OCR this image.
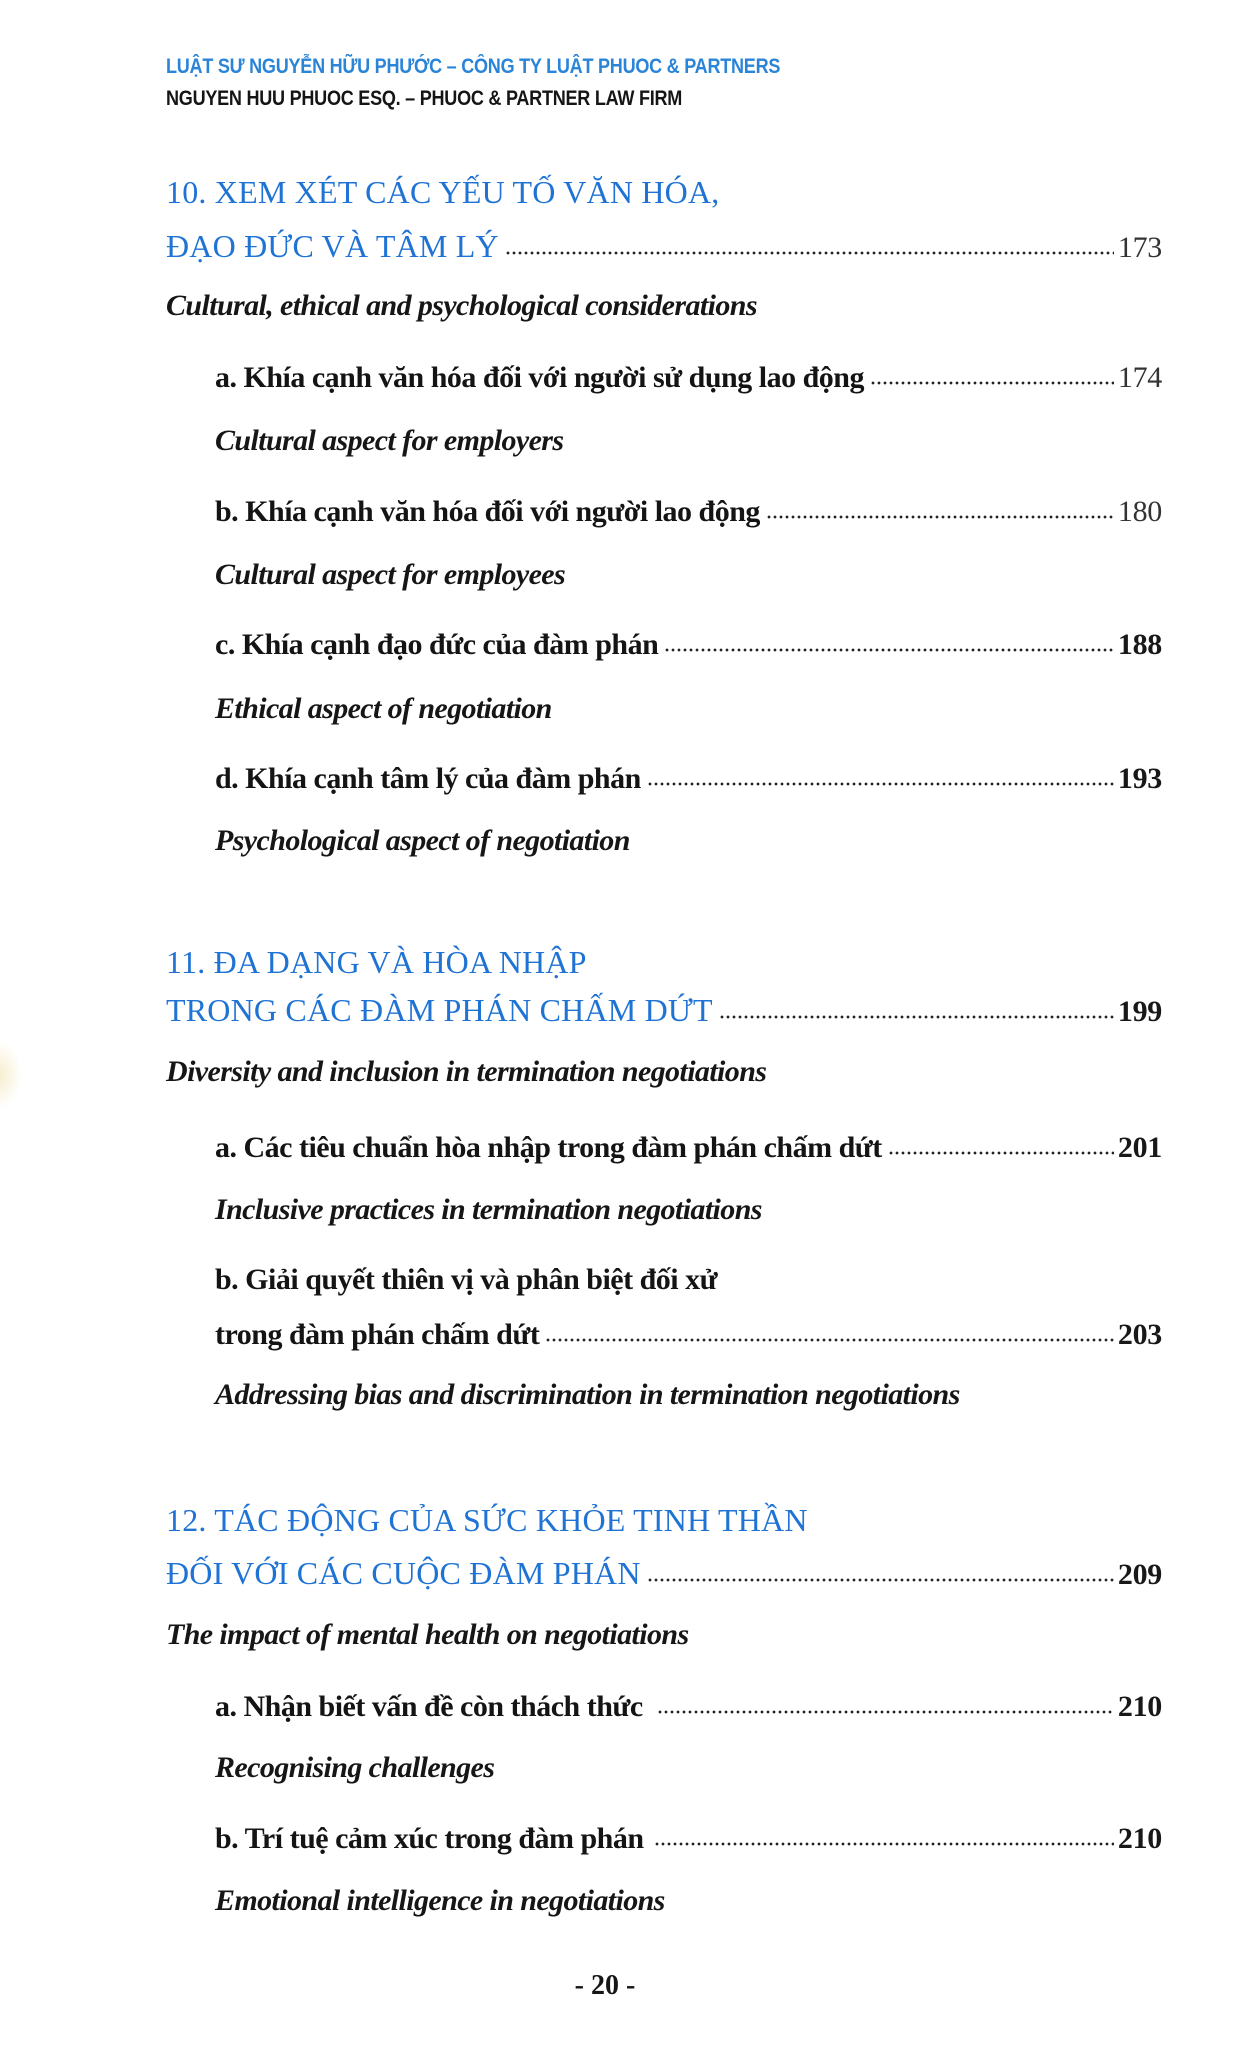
LUẬT SƯ NGUYỄN HỮU PHƯỚC – CÔNG TY LUẬT PHUOC & PARTNERS
NGUYEN HUU PHUOC ESQ. – PHUOC & PARTNER LAW FIRM
10. XEM XÉT CÁC YẾU TỐ VĂN HÓA,
ĐẠO ĐỨC VÀ TÂM LÝ	173
Cultural, ethical and psychological considerations
a. Khía cạnh văn hóa đối với người sử dụng lao động	174
Cultural aspect for employers
b. Khía cạnh văn hóa đối với người lao động	180
Cultural aspect for employees
c. Khía cạnh đạo đức của đàm phán	188
Ethical aspect of negotiation
d. Khía cạnh tâm lý của đàm phán	193
Psychological aspect of negotiation
11. ĐA DẠNG VÀ HÒA NHẬP
TRONG CÁC ĐÀM PHÁN CHẤM DỨT	199
Diversity and inclusion in termination negotiations
a. Các tiêu chuẩn hòa nhập trong đàm phán chấm dứt	201
Inclusive practices in termination negotiations
b. Giải quyết thiên vị và phân biệt đối xử
trong đàm phán chấm dứt	203
Addressing bias and discrimination in termination negotiations
12. TÁC ĐỘNG CỦA SỨC KHỎE TINH THẦN
ĐỐI VỚI CÁC CUỘC ĐÀM PHÁN	209
The impact of mental health on negotiations
a. Nhận biết vấn đề còn thách thức	210
Recognising challenges
b. Trí tuệ cảm xúc trong đàm phán	210
Emotional intelligence in negotiations
- 20 -
